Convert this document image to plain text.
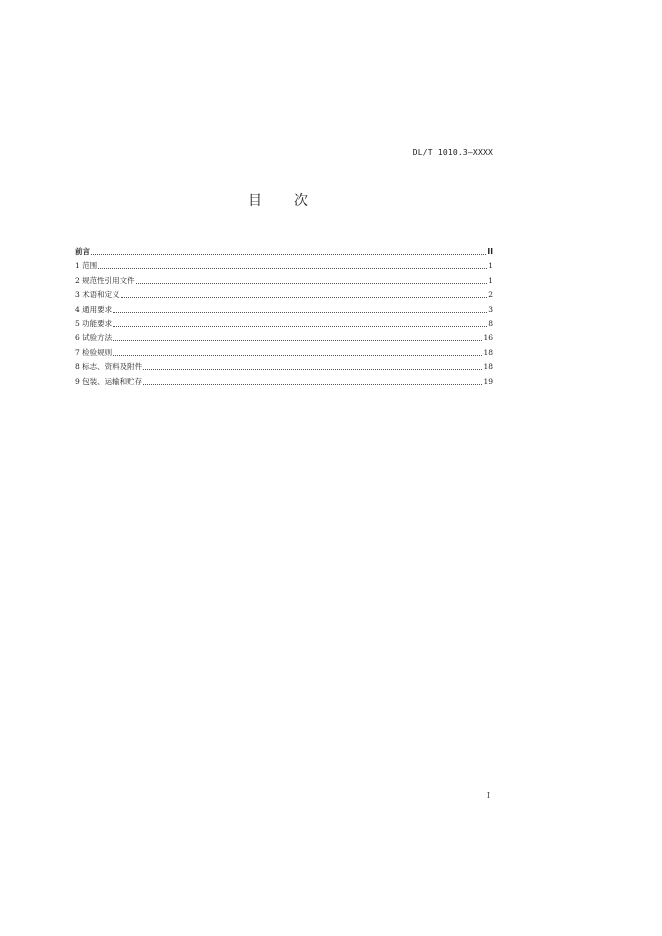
DL/T 1010.3—XXXX
目 次
前言	II
1 范围	1
2 规范性引用文件	1
3 术语和定义	2
4 通用要求	3
5 功能要求	8
6 试验方法	16
7 检验规则	18
8 标志、资料及附件	18
9 包装、运输和贮存	19
I
